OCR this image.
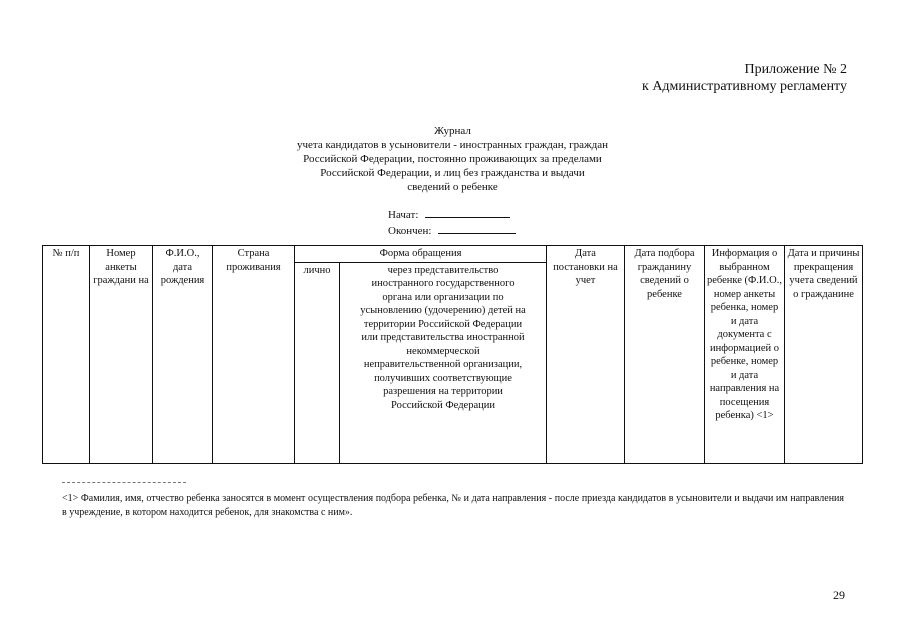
Приложение № 2
к Административному регламенту
Журнал
учета кандидатов в усыновители - иностранных граждан, граждан
Российской Федерации, постоянно проживающих за пределами
Российской Федерации, и лиц без гражданства и выдачи
сведений о ребенке
Начат:
Окончен:
№ п/п	Номер анкеты граждани на	Ф.И.О., дата рождения	Страна проживания	Форма обращения		Дата постановки на учет	Дата подбора гражданину сведений о ребенке	Информация о выбранном ребенке (Ф.И.О., номер анкеты ребенка, номер и дата документа с информацией о ребенке, номер и дата направления на посещения ребенка) <1>	Дата и причины прекращения учета сведений о гражданине
				лично	через представительство иностранного государственного органа или организации по усыновлению (удочерению) детей на территории Российской Федерации или представительства иностранной некоммерческой неправительственной организации, получивших соответствующие разрешения на территории Российской Федерации				
<1> Фамилия, имя, отчество ребенка заносятся в момент осуществления подбора ребенка, № и дата направления - после приезда кандидатов в усыновители и выдачи им направления в учреждение, в котором находится ребенок, для знакомства с ним».
29
